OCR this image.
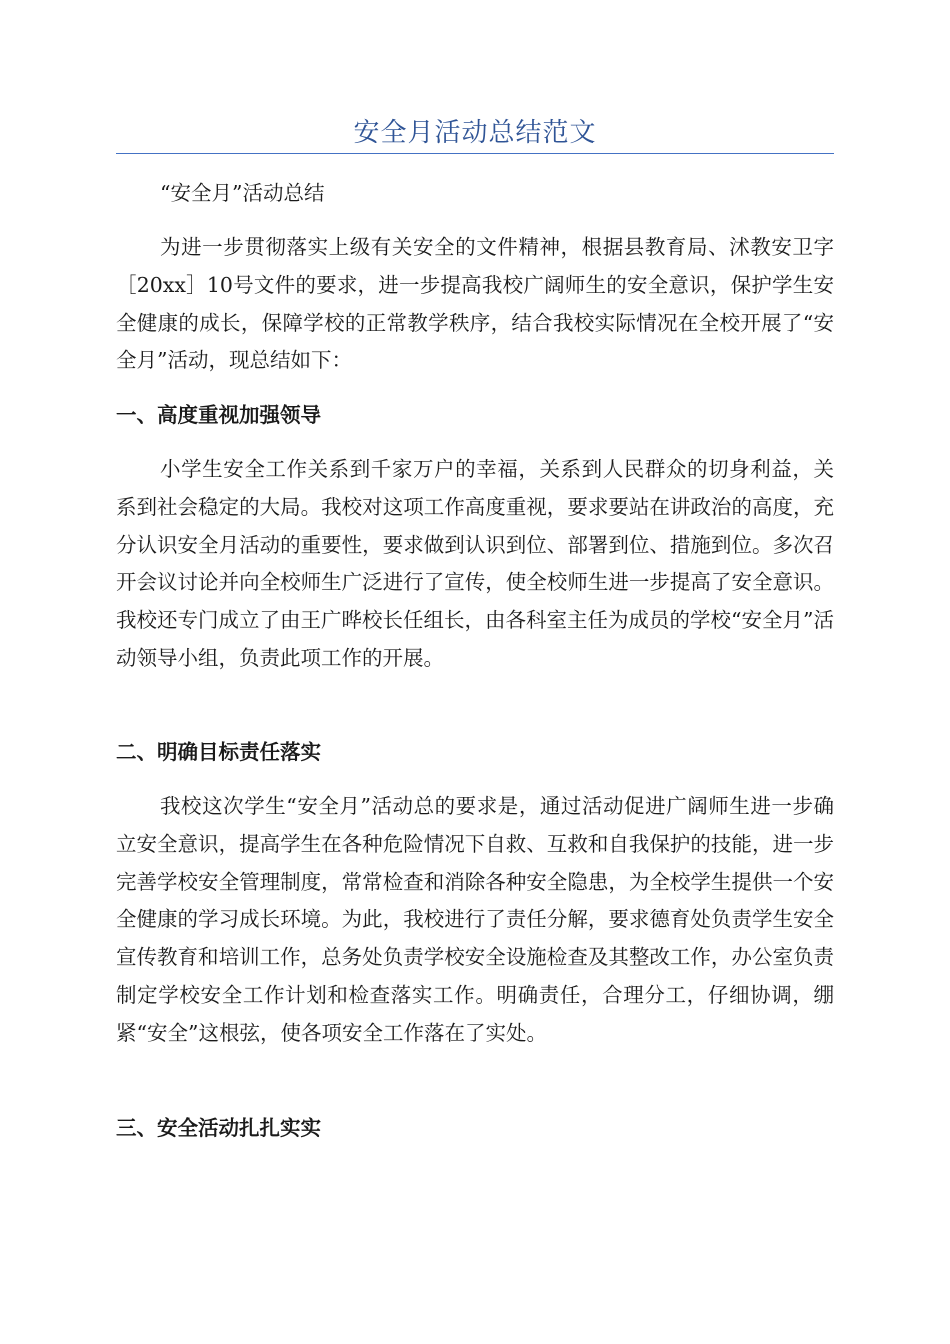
安全月活动总结范文
“安全月”活动总结
为进一步贯彻落实上级有关安全的文件精神，根据县教育局、沭教安卫字［20xx］10号文件的要求，进一步提高我校广阔师生的安全意识，保护学生安全健康的成长，保障学校的正常教学秩序，结合我校实际情况在全校开展了“安全月”活动，现总结如下：
一、高度重视加强领导
小学生安全工作关系到千家万户的幸福，关系到人民群众的切身利益，关系到社会稳定的大局。我校对这项工作高度重视，要求要站在讲政治的高度，充分认识安全月活动的重要性，要求做到认识到位、部署到位、措施到位。多次召开会议讨论并向全校师生广泛进行了宣传，使全校师生进一步提高了安全意识。我校还专门成立了由王广晔校长任组长，由各科室主任为成员的学校“安全月”活动领导小组，负责此项工作的开展。
二、明确目标责任落实
我校这次学生“安全月”活动总的要求是，通过活动促进广阔师生进一步确立安全意识，提高学生在各种危险情况下自救、互救和自我保护的技能，进一步完善学校安全管理制度，常常检查和消除各种安全隐患，为全校学生提供一个安全健康的学习成长环境。为此，我校进行了责任分解，要求德育处负责学生安全宣传教育和培训工作，总务处负责学校安全设施检查及其整改工作，办公室负责制定学校安全工作计划和检查落实工作。明确责任，合理分工，仔细协调，绷紧“安全”这根弦，使各项安全工作落在了实处。
三、安全活动扎扎实实
